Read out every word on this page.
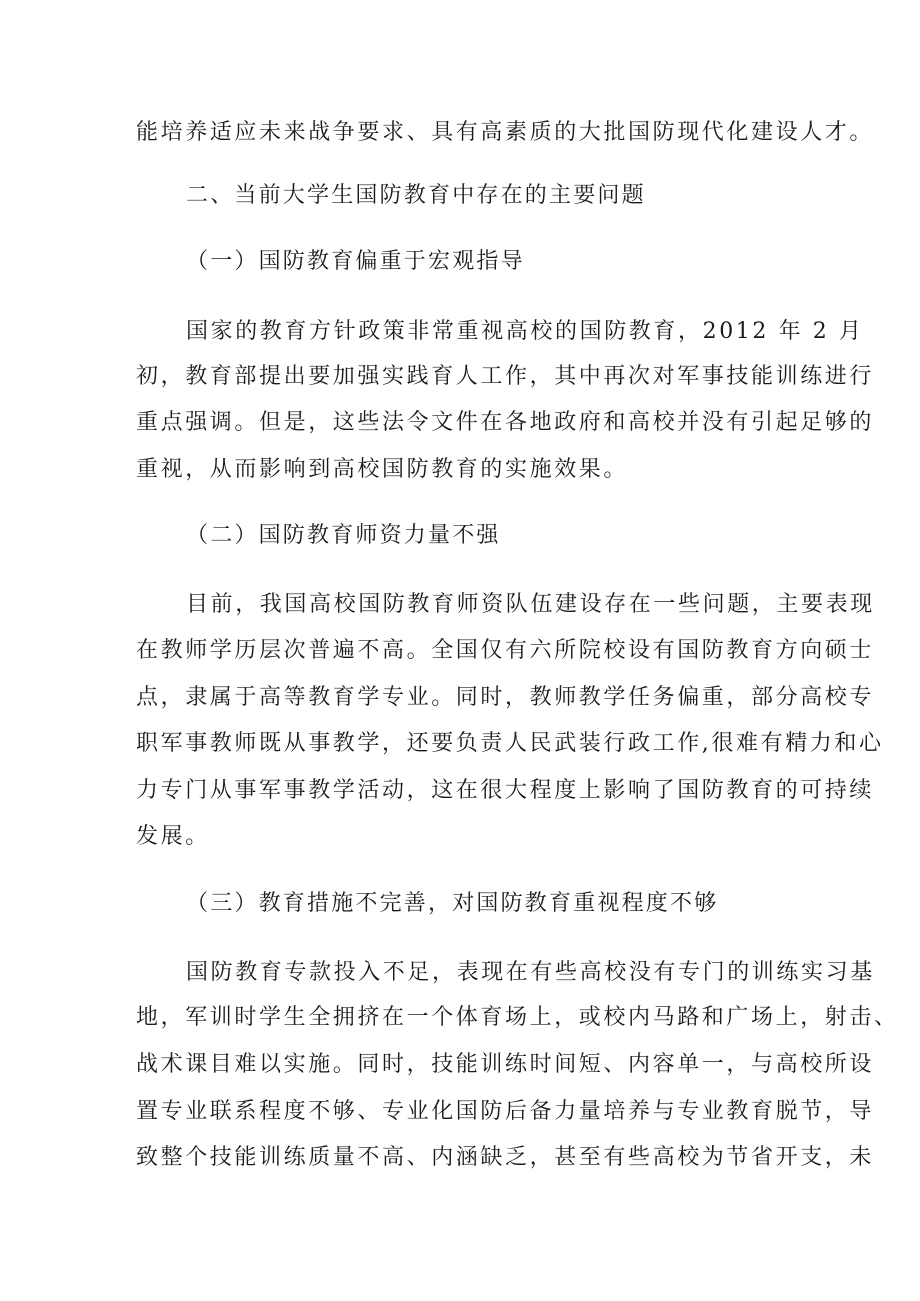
能培养适应未来战争要求、具有高素质的大批国防现代化建设人才。
二、当前大学生国防教育中存在的主要问题
（一）国防教育偏重于宏观指导
国家的教育方针政策非常重视高校的国防教育，2012 年 2 月
初，教育部提出要加强实践育人工作，其中再次对军事技能训练进行
重点强调。但是，这些法令文件在各地政府和高校并没有引起足够的
重视，从而影响到高校国防教育的实施效果。
（二）国防教育师资力量不强
目前，我国高校国防教育师资队伍建设存在一些问题，主要表现
在教师学历层次普遍不高。全国仅有六所院校设有国防教育方向硕士
点，隶属于高等教育学专业。同时，教师教学任务偏重，部分高校专
职军事教师既从事教学，还要负责人民武装行政工作,很难有精力和心
力专门从事军事教学活动，这在很大程度上影响了国防教育的可持续
发展。
（三）教育措施不完善，对国防教育重视程度不够
国防教育专款投入不足，表现在有些高校没有专门的训练实习基
地，军训时学生全拥挤在一个体育场上，或校内马路和广场上，射击、
战术课目难以实施。同时，技能训练时间短、内容单一，与高校所设
置专业联系程度不够、专业化国防后备力量培养与专业教育脱节，导
致整个技能训练质量不高、内涵缺乏，甚至有些高校为节省开支，未
